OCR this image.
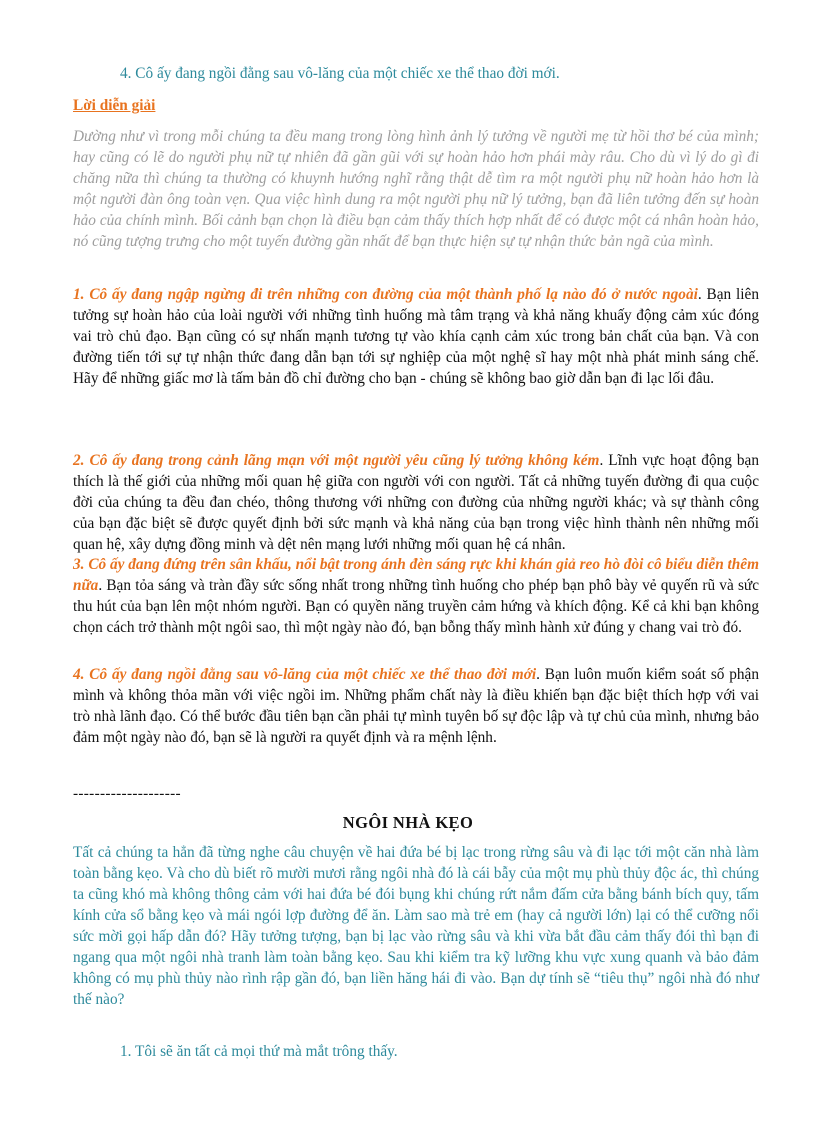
4. Cô ấy đang ngồi đằng sau vô-lăng của một chiếc xe thể thao đời mới.
Lời diễn giải

Dường như vì trong mỗi chúng ta đều mang trong lòng hình ảnh lý tưởng về người mẹ từ hồi thơ bé của mình; hay cũng có lẽ do người phụ nữ tự nhiên đã gần gũi với sự hoàn hảo hơn phái mày râu. Cho dù vì lý do gì đi chăng nữa thì chúng ta thường có khuynh hướng nghĩ rằng thật dễ tìm ra một người phụ nữ hoàn hảo hơn là một người đàn ông toàn vẹn. Qua việc hình dung ra một người phụ nữ lý tưởng, bạn đã liên tưởng đến sự hoàn hảo của chính mình. Bối cảnh bạn chọn là điều bạn cảm thấy thích hợp nhất để có được một cá nhân hoàn hảo, nó cũng tượng trưng cho một tuyến đường gần nhất để bạn thực hiện sự tự nhận thức bản ngã của mình.

1. Cô ấy đang ngập ngừng đi trên những con đường của một thành phố lạ nào đó ở nước ngoài. Bạn liên tưởng sự hoàn hảo của loài người với những tình huống mà tâm trạng và khả năng khuấy động cảm xúc đóng vai trò chủ đạo. Bạn cũng có sự nhấn mạnh tương tự vào khía cạnh cảm xúc trong bản chất của bạn. Và con đường tiến tới sự tự nhận thức đang dẫn bạn tới sự nghiệp của một nghệ sĩ hay một nhà phát minh sáng chế. Hãy để những giấc mơ là tấm bản đồ chỉ đường cho bạn - chúng sẽ không bao giờ dẫn bạn đi lạc lối đâu.

2. Cô ấy đang trong cảnh lãng mạn với một người yêu cũng lý tưởng không kém. Lĩnh vực hoạt động bạn thích là thế giới của những mối quan hệ giữa con người với con người. Tất cả những tuyến đường đi qua cuộc đời của chúng ta đều đan chéo, thông thương với những con đường của những người khác; và sự thành công của bạn đặc biệt sẽ được quyết định bởi sức mạnh và khả năng của bạn trong việc hình thành nên những mối quan hệ, xây dựng đồng minh và dệt nên mạng lưới những mối quan hệ cá nhân.

3. Cô ấy đang đứng trên sân khấu, nổi bật trong ánh đèn sáng rực khi khán giả reo hò đòi cô biểu diễn thêm nữa. Bạn tỏa sáng và tràn đầy sức sống nhất trong những tình huống cho phép bạn phô bày vẻ quyến rũ và sức thu hút của bạn lên một nhóm người. Bạn có quyền năng truyền cảm hứng và khích động. Kể cả khi bạn không chọn cách trở thành một ngôi sao, thì một ngày nào đó, bạn bỗng thấy mình hành xử đúng y chang vai trò đó.

4. Cô ấy đang ngồi đằng sau vô-lăng của một chiếc xe thể thao đời mới. Bạn luôn muốn kiểm soát số phận mình và không thỏa mãn với việc ngồi im. Những phẩm chất này là điều khiến bạn đặc biệt thích hợp với vai trò nhà lãnh đạo. Có thể bước đầu tiên bạn cần phải tự mình tuyên bố sự độc lập và tự chủ của mình, nhưng bảo đảm một ngày nào đó, bạn sẽ là người ra quyết định và ra mệnh lệnh.

--------------------
NGÔI NHÀ KẸO

Tất cả chúng ta hẳn đã từng nghe câu chuyện về hai đứa bé bị lạc trong rừng sâu và đi lạc tới một căn nhà làm toàn bằng kẹo. Và cho dù biết rõ mười mươi rằng ngôi nhà đó là cái bẫy của một mụ phù thủy độc ác, thì chúng ta cũng khó mà không thông cảm với hai đứa bé đói bụng khi chúng rứt nắm đấm cửa bằng bánh bích quy, tấm kính cửa sổ bằng kẹo và mái ngói lợp đường để ăn. Làm sao mà trẻ em (hay cả người lớn) lại có thể cưỡng nổi sức mời gọi hấp dẫn đó? Hãy tưởng tượng, bạn bị lạc vào rừng sâu và khi vừa bắt đầu cảm thấy đói thì bạn đi ngang qua một ngôi nhà tranh làm toàn bằng kẹo. Sau khi kiểm tra kỹ lưỡng khu vực xung quanh và bảo đảm không có mụ phù thủy nào rình rập gần đó, bạn liền hăng hái đi vào. Bạn dự tính sẽ “tiêu thụ” ngôi nhà đó như thế nào?

1. Tôi sẽ ăn tất cả mọi thứ mà mắt trông thấy.
